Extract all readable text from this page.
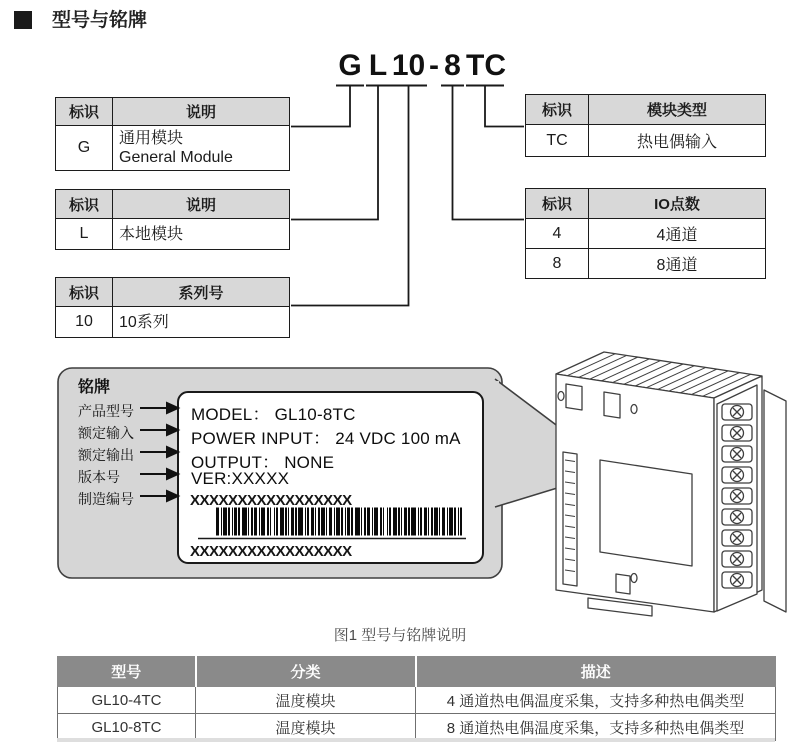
型号与铭牌
G L 10 - 8 TC
标识	说明
G	通用模块
General Module
标识	说明
L	本地模块
标识	系列号
10	10系列
标识	模块类型
TC	热电偶输入
标识	IO点数
4	4通道
8	8通道
铭牌
产品型号
额定输入
额定输出
版本号
制造编号
MODEL： GL10-8TC
POWER INPUT： 24 VDC 100 mA
OUTPUT： NONE
VER:XXXXX
XXXXXXXXXXXXXXXXX
XXXXXXXXXXXXXXXXX
图1 型号与铭牌说明
型号	分类	描述
GL10-4TC	温度模块	4 通道热电偶温度采集，支持多种热电偶类型
GL10-8TC	温度模块	8 通道热电偶温度采集，支持多种热电偶类型
